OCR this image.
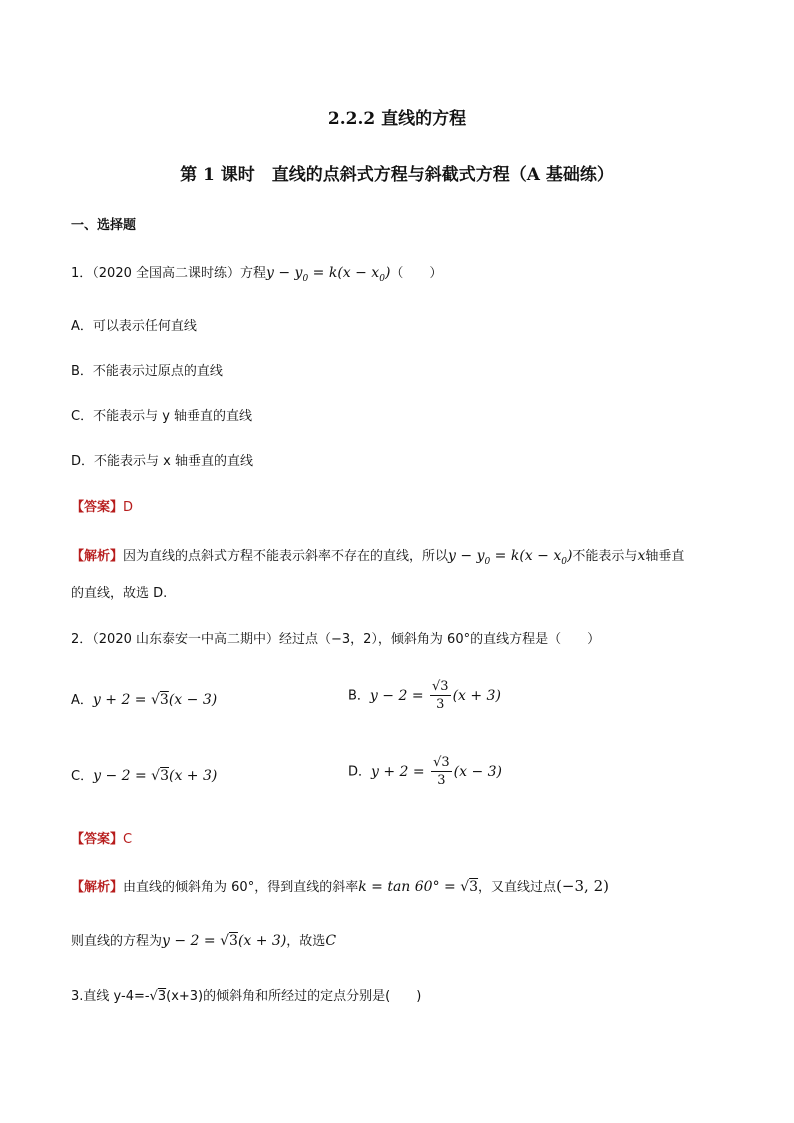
2.2.2 直线的方程
第 1 课时　直线的点斜式方程与斜截式方程（A 基础练）
一、选择题
1．（2020 全国高二课时练）方程$y - y_0 = k(x - x_0)$（　　）
A．可以表示任何直线
B．不能表示过原点的直线
C．不能表示与 y 轴垂直的直线
D．不能表示与 x 轴垂直的直线
【答案】D
【解析】因为直线的点斜式方程不能表示斜率不存在的直线，所以$y - y_0 = k(x - x_0)$不能表示与x轴垂直
的直线，故选 D.
2．（2020 山东泰安一中高二期中）经过点（−3，2），倾斜角为 60°的直线方程是（　　）
A．y + 2 = √3(x − 3)	B．$y - 2 = \frac{√3}{3} (x + 3)$
C．y − 2 = √3(x + 3)	D．$y + 2 = \frac{√3}{3} (x - 3)$
【答案】C
【解析】由直线的倾斜角为 60°，得到直线的斜率k = tan 60° = √3，又直线过点(−3, 2)
则直线的方程为y − 2 = √3(x + 3)，故选C
3.直线 y-4=-√3(x+3)的倾斜角和所经过的定点分别是(　　)
